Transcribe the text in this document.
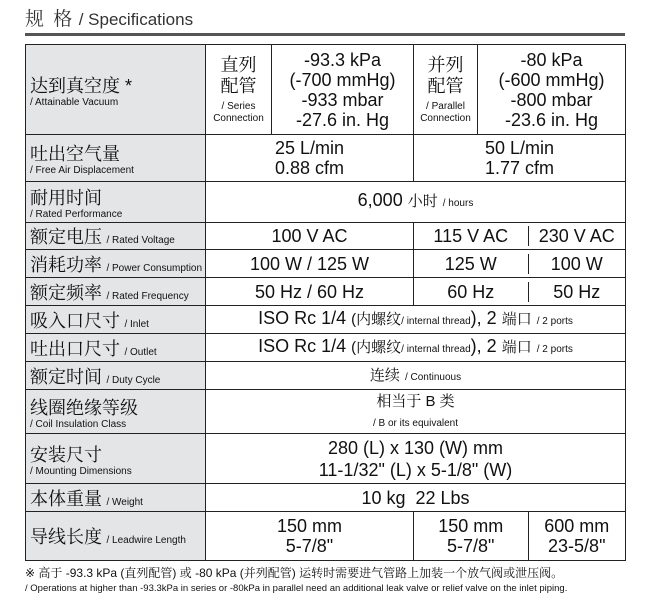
规 格 / Specifications
达到真空度 *
/ Attainable Vacuum
	直列
配管
/ Series
Connection
	-93.3 kPa
(-700 mmHg)
-933 mbar
-27.6 in. Hg	并列
配管
/ Parallel
Connection
	-80 kPa
(-600 mmHg)
-800 mbar
-23.6 in. Hg
吐出空气量
/ Free Air Displacement
	25 L/min
0.88 cfm	50 L/min
1.77 cfm
耐用时间
/ Rated Performance
	6,000 小时 / hours
额定电压 / Rated Voltage	100 V AC		115 V AC	230 V AC

消耗功率 / Power Consumption	100 W / 125 W		125 W	100 W

额定频率 / Rated Frequency	50 Hz / 60 Hz		60 Hz	50 Hz

吸入口尺寸 / Inlet	ISO Rc 1/4 (内螺纹/ internal thread), 2 端口 / 2 ports
吐出口尺寸 / Outlet	ISO Rc 1/4 (内螺纹/ internal thread), 2 端口 / 2 ports
额定时间 / Duty Cycle	连续 / Continuous
线圈绝缘等级
/ Coil Insulation Class
	相当于 B 类
/ B or its equivalent
安装尺寸
/ Mounting Dimensions
	280 (L) x 130 (W) mm
11-1/32" (L) x 5-1/8" (W)
本体重量 / Weight	10 kg  22 Lbs
导线长度 / Leadwire Length	150 mm
5-7/8"	
150 mm
5-7/8"	600 mm
23-5/8"
※ 高于 -93.3 kPa (直列配管) 或 -80 kPa (并列配管) 运转时需要进气管路上加装一个放气阀或泄压阀。
/ Operations at higher than -93.3kPa in series or -80kPa in parallel need an additional leak valve or relief valve on the inlet piping.
